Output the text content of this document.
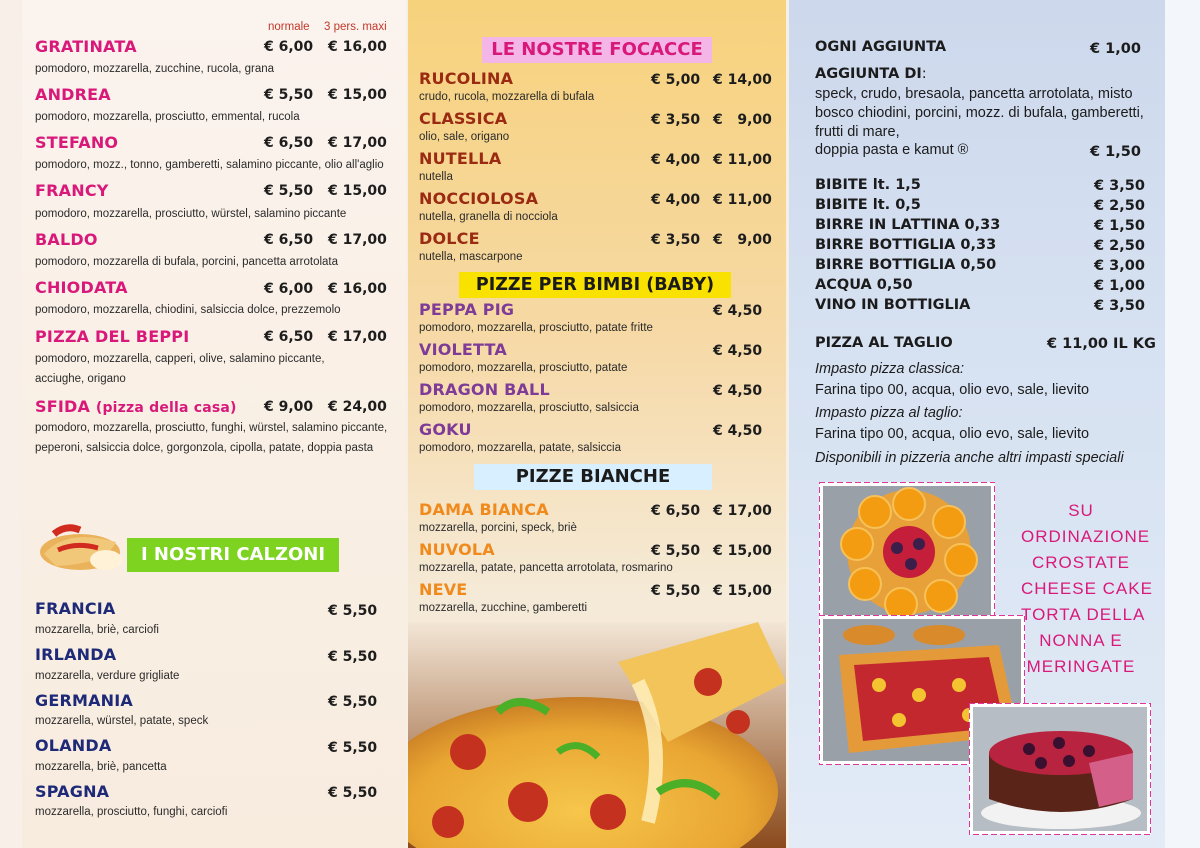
normale 3 pers. maxi
GRATINATA	€ 6,00 € 16,00
pomodoro, mozzarella, zucchine, rucola, grana
ANDREA	€ 5,50 € 15,00
pomodoro, mozzarella, prosciutto, emmental, rucola
STEFANO	€ 6,50 € 17,00
pomodoro, mozz., tonno, gamberetti, salamino piccante, olio all'aglio
FRANCY	€ 5,50 € 15,00
pomodoro, mozzarella, prosciutto, würstel, salamino piccante
BALDO	€ 6,50 € 17,00
pomodoro, mozzarella di bufala, porcini, pancetta arrotolata
CHIODATA	€ 6,00 € 16,00
pomodoro, mozzarella, chiodini, salsiccia dolce, prezzemolo
PIZZA DEL BEPPI	€ 6,50 € 17,00
pomodoro, mozzarella, capperi, olive, salamino piccante,
acciughe, origano
SFIDA (pizza della casa) € 9,00 € 24,00
pomodoro, mozzarella, prosciutto, funghi, würstel, salamino piccante,
peperoni, salsiccia dolce, gorgonzola, cipolla, patate, doppia pasta
I NOSTRI CALZONI
FRANCIA	€ 5,50
mozzarella, briè, carciofi
IRLANDA	€ 5,50
mozzarella, verdure grigliate
GERMANIA	€ 5,50
mozzarella, würstel, patate, speck
OLANDA	€ 5,50
mozzarella, briè, pancetta
SPAGNA	€ 5,50
mozzarella, prosciutto, funghi, carciofi
LE NOSTRE FOCACCE
RUCOLINA	€ 5,00 € 14,00
crudo, rucola, mozzarella di bufala
CLASSICA	€ 3,50 €   9,00
olio, sale, origano
NUTELLA	€ 4,00 € 11,00
nutella
NOCCIOLOSA	€ 4,00 € 11,00
nutella, granella di nocciola
DOLCE	€ 3,50 €   9,00
nutella, mascarpone
PIZZE PER BIMBI (BABY)
PEPPA PIG	€ 4,50
pomodoro, mozzarella, prosciutto, patate fritte
VIOLETTA	€ 4,50
pomodoro, mozzarella, prosciutto, patate
DRAGON BALL	€ 4,50
pomodoro, mozzarella, prosciutto, salsiccia
GOKU	€ 4,50
pomodoro, mozzarella, patate, salsiccia
PIZZE BIANCHE
DAMA BIANCA	€ 6,50 € 17,00
mozzarella, porcini, speck, briè
NUVOLA	€ 5,50 € 15,00
mozzarella, patate, pancetta arrotolata, rosmarino
NEVE	€ 5,50 € 15,00
mozzarella, zucchine, gamberetti
OGNI AGGIUNTA	€ 1,00
AGGIUNTA DI:
speck, crudo, bresaola, pancetta arrotolata, misto
bosco chiodini, porcini, mozz. di bufala, gamberetti,
frutti di mare,
doppia pasta e kamut ®	€ 1,50
BIBITE lt. 1,5	€ 3,50
BIBITE lt. 0,5	€ 2,50
BIRRE IN LATTINA 0,33	€ 1,50
BIRRE BOTTIGLIA 0,33	€ 2,50
BIRRE BOTTIGLIA 0,50	€ 3,00
ACQUA 0,50	€ 1,00
VINO IN BOTTIGLIA	€ 3,50
PIZZA AL TAGLIO	€ 11,00 IL KG
Impasto pizza classica:
Farina tipo 00, acqua, olio evo, sale, lievito
Impasto pizza al taglio:
Farina tipo 00, acqua, olio evo, sale, lievito
Disponibili in pizzeria anche altri impasti speciali
SU
ORDINAZIONE
CROSTATE
CHEESE CAKE
TORTA DELLA
NONNA E
MERINGATE
